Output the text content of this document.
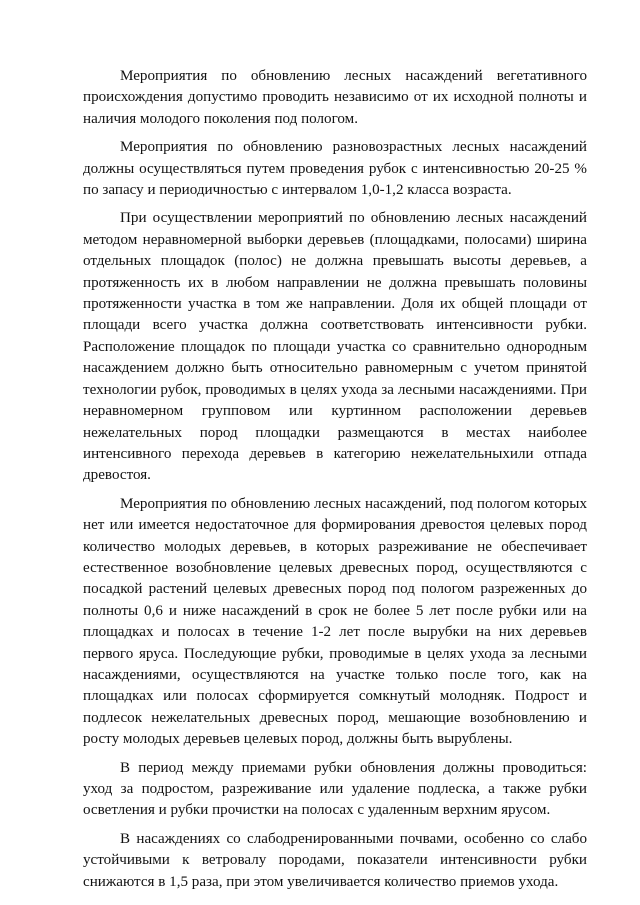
Мероприятия по обновлению лесных насаждений вегетативного происхождения допустимо проводить независимо от их исходной полноты и наличия молодого поколения под пологом.

Мероприятия по обновлению разновозрастных лесных насаждений должны осуществляться путем проведения рубок с интенсивностью 20-25 % по запасу и периодичностью с интервалом 1,0-1,2 класса возраста.

При осуществлении мероприятий по обновлению лесных насаждений методом неравномерной выборки деревьев (площадками, полосами) ширина отдельных площадок (полос) не должна превышать высоты деревьев, а протяженность их в любом направлении не должна превышать половины протяженности участка в том же направлении. Доля их общей площади от площади всего участка должна соответствовать интенсивности рубки. Расположение площадок по площади участка со сравнительно однородным насаждением должно быть относительно равномерным с учетом принятой технологии рубок, проводимых в целях ухода за лесными насаждениями. При неравномерном групповом или куртинном расположении деревьев нежелательных пород площадки размещаются в местах наиболее интенсивного перехода деревьев в категорию нежелательныхили отпада древостоя.

Мероприятия по обновлению лесных насаждений, под пологом которых нет или имеется недостаточное для формирования древостоя целевых пород количество молодых деревьев, в которых разреживание не обеспечивает естественное возобновление целевых древесных пород, осуществляются с посадкой растений целевых древесных пород под пологом разреженных до полноты 0,6 и ниже насаждений в срок не более 5 лет после рубки или на площадках и полосах в течение 1-2 лет после вырубки на них деревьев первого яруса. Последующие рубки, проводимые в целях ухода за лесными насаждениями, осуществляются на участке только после того, как на площадках или полосах сформируется сомкнутый молодняк. Подрост и подлесок нежелательных древесных пород, мешающие возобновлению и росту молодых деревьев целевых пород, должны быть вырублены.

В период между приемами рубки обновления должны проводиться: уход за подростом, разреживание или удаление подлеска, а также рубки осветления и рубки прочистки на полосах с удаленным верхним ярусом.

В насаждениях со слабодренированными почвами, особенно со слабо устойчивыми к ветровалу породами, показатели интенсивности рубки снижаются в 1,5 раза, при этом увеличивается количество приемов ухода.
